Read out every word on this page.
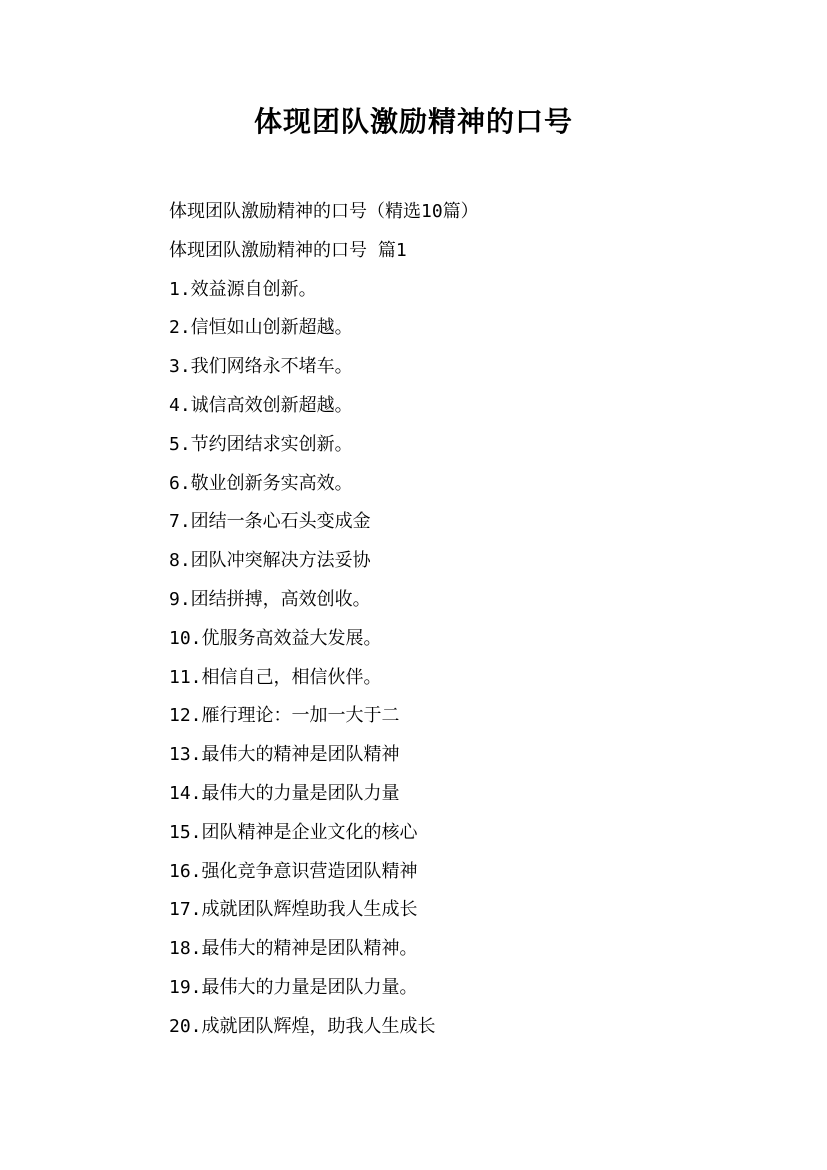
体现团队激励精神的口号
体现团队激励精神的口号（精选10篇）
体现团队激励精神的口号 篇1
1.效益源自创新。
2.信恒如山创新超越。
3.我们网络永不堵车。
4.诚信高效创新超越。
5.节约团结求实创新。
6.敬业创新务实高效。
7.团结一条心石头变成金
8.团队冲突解决方法妥协
9.团结拼搏，高效创收。
10.优服务高效益大发展。
11.相信自己，相信伙伴。
12.雁行理论：一加一大于二
13.最伟大的精神是团队精神
14.最伟大的力量是团队力量
15.团队精神是企业文化的核心
16.强化竞争意识营造团队精神
17.成就团队辉煌助我人生成长
18.最伟大的精神是团队精神。
19.最伟大的力量是团队力量。
20.成就团队辉煌，助我人生成长
